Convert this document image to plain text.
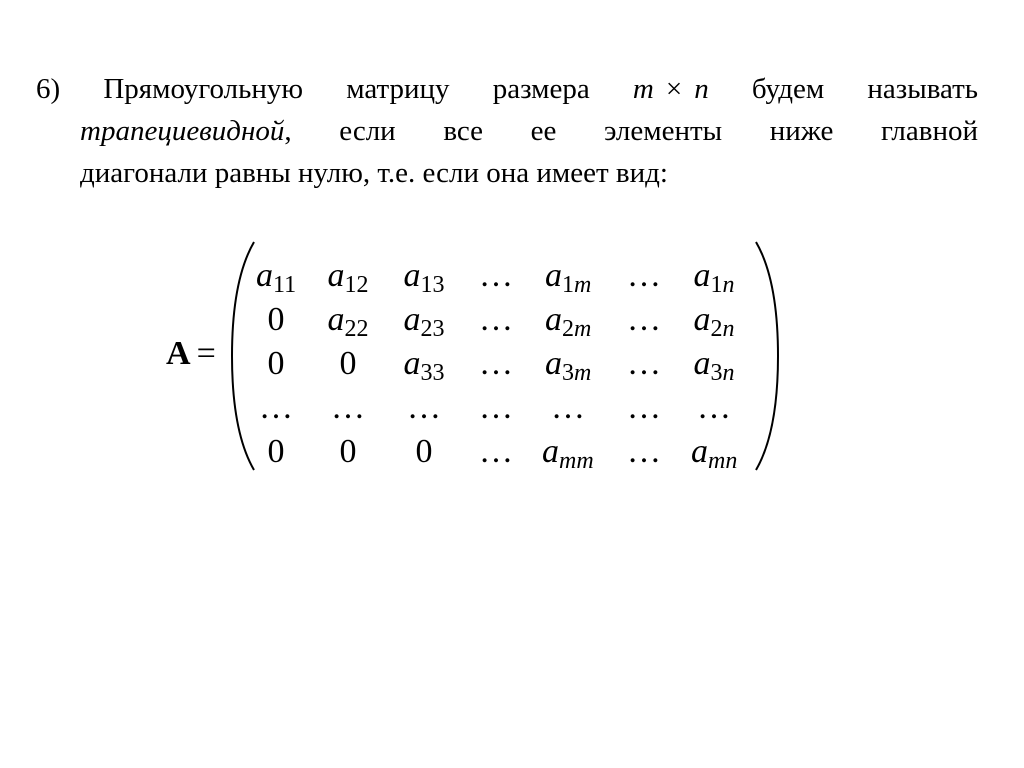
6) Прямоугольную матрицу размера m × n будем называть
трапециевидной, если все ее элементы ниже главной
диагонали равны нулю, т.е. если она имеет вид:
A =
$a_{11}$ $a_{12}$ $a_{13}$ … $a_{1m}$ … $a_{1n}$
0 $a_{22}$ $a_{23}$ … $a_{2m}$ … $a_{2n}$
0 0 $a_{33}$ … $a_{3m}$ … $a_{3n}$
… … … … … … …
0 0 0 … $a_{mm}$ … $a_{mn}$
